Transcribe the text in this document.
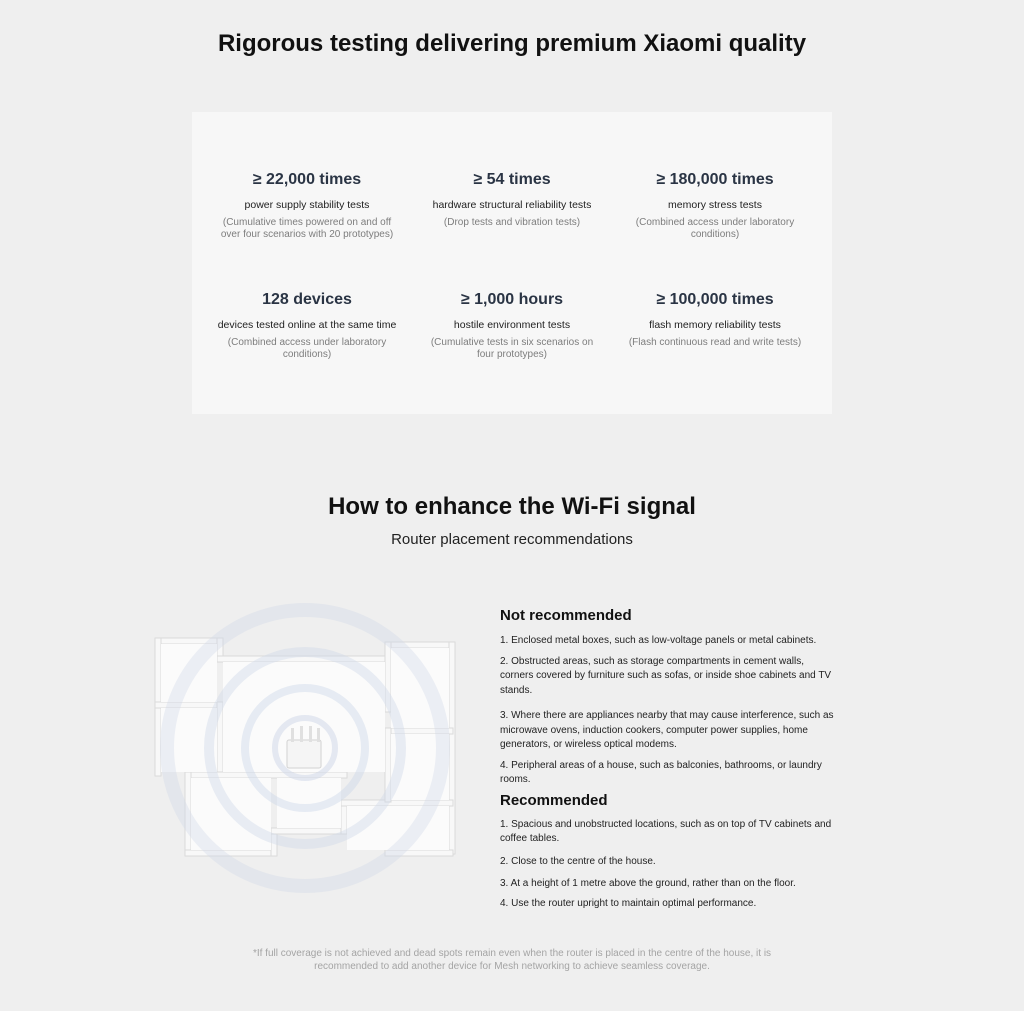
Rigorous testing delivering premium Xiaomi quality
≥ 22,000 times
power supply stability tests
(Cumulative times powered on and off over four scenarios with 20 prototypes)
≥ 54 times
hardware structural reliability tests
(Drop tests and vibration tests)
≥ 180,000 times
memory stress tests
(Combined access under laboratory conditions)
128 devices
devices tested online at the same time
(Combined access under laboratory conditions)
≥ 1,000 hours
hostile environment tests
(Cumulative tests in six scenarios on four prototypes)
≥ 100,000 times
flash memory reliability tests
(Flash continuous read and write tests)
How to enhance the Wi-Fi signal
Router placement recommendations
Not recommended
1. Enclosed metal boxes, such as low-voltage panels or metal cabinets.
2. Obstructed areas, such as storage compartments in cement walls, corners covered by furniture such as sofas, or inside shoe cabinets and TV stands.
3. Where there are appliances nearby that may cause interference, such as microwave ovens, induction cookers, computer power supplies, home generators, or wireless optical modems.
4. Peripheral areas of a house, such as balconies, bathrooms, or laundry rooms.
Recommended
1. Spacious and unobstructed locations, such as on top of TV cabinets and coffee tables.
2. Close to the centre of the house.
3. At a height of 1 metre above the ground, rather than on the floor.
4. Use the router upright to maintain optimal performance.
*If full coverage is not achieved and dead spots remain even when the router is placed in the centre of the house, it is recommended to add another device for Mesh networking to achieve seamless coverage.
